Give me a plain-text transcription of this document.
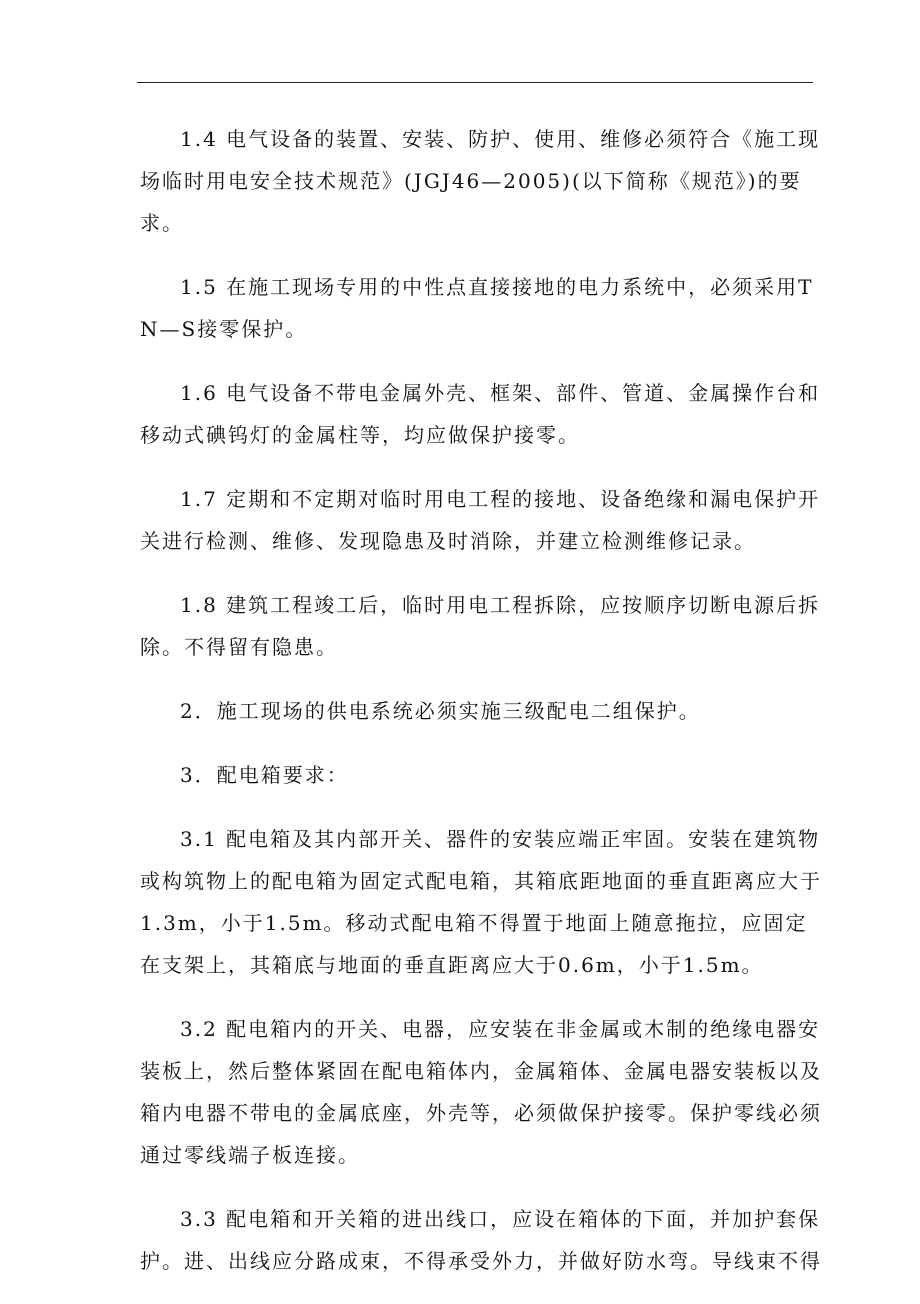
1.4 电气设备的装置、安装、防护、使用、维修必须符合《施工现场临时用电安全技术规范》(JGJ46—2005)(以下简称《规范》)的要求。

1.5 在施工现场专用的中性点直接接地的电力系统中，必须采用TN—S接零保护。

1.6 电气设备不带电金属外壳、框架、部件、管道、金属操作台和移动式碘钨灯的金属柱等，均应做保护接零。

1.7 定期和不定期对临时用电工程的接地、设备绝缘和漏电保护开关进行检测、维修、发现隐患及时消除，并建立检测维修记录。

1.8 建筑工程竣工后，临时用电工程拆除，应按顺序切断电源后拆除。不得留有隐患。

2．施工现场的供电系统必须实施三级配电二组保护。

3．配电箱要求：

3.1 配电箱及其内部开关、器件的安装应端正牢固。安装在建筑物或构筑物上的配电箱为固定式配电箱，其箱底距地面的垂直距离应大于1.3m，小于1.5m。移动式配电箱不得置于地面上随意拖拉，应固定在支架上，其箱底与地面的垂直距离应大于0.6m，小于1.5m。

3.2 配电箱内的开关、电器，应安装在非金属或木制的绝缘电器安装板上，然后整体紧固在配电箱体内，金属箱体、金属电器安装板以及箱内电器不带电的金属底座，外壳等，必须做保护接零。保护零线必须通过零线端子板连接。

3.3 配电箱和开关箱的进出线口，应设在箱体的下面，并加护套保护。进、出线应分路成束，不得承受外力，并做好防水弯。导线束不得
